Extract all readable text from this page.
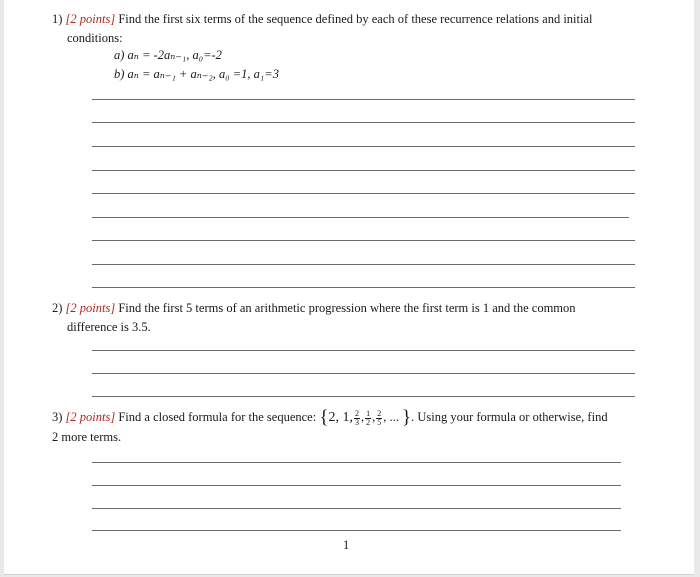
1) [2 points] Find the first six terms of the sequence defined by each of these recurrence relations and initial
conditions:
a) aₙ = -2aₙ₋₁, a₀=-2
b) aₙ = aₙ₋₁ + aₙ₋₂, a₀ =1, a₁=3
2) [2 points] Find the first 5 terms of an arithmetic progression where the first term is 1 and the common
difference is 3.5.
3) [2 points] Find a closed formula for the sequence: {2, 1, $\frac{2}{3}$ , $\frac{1}{2}$ , $\frac{2}{5}$ , ... }. Using your formula or otherwise, find
2 more terms.
1
